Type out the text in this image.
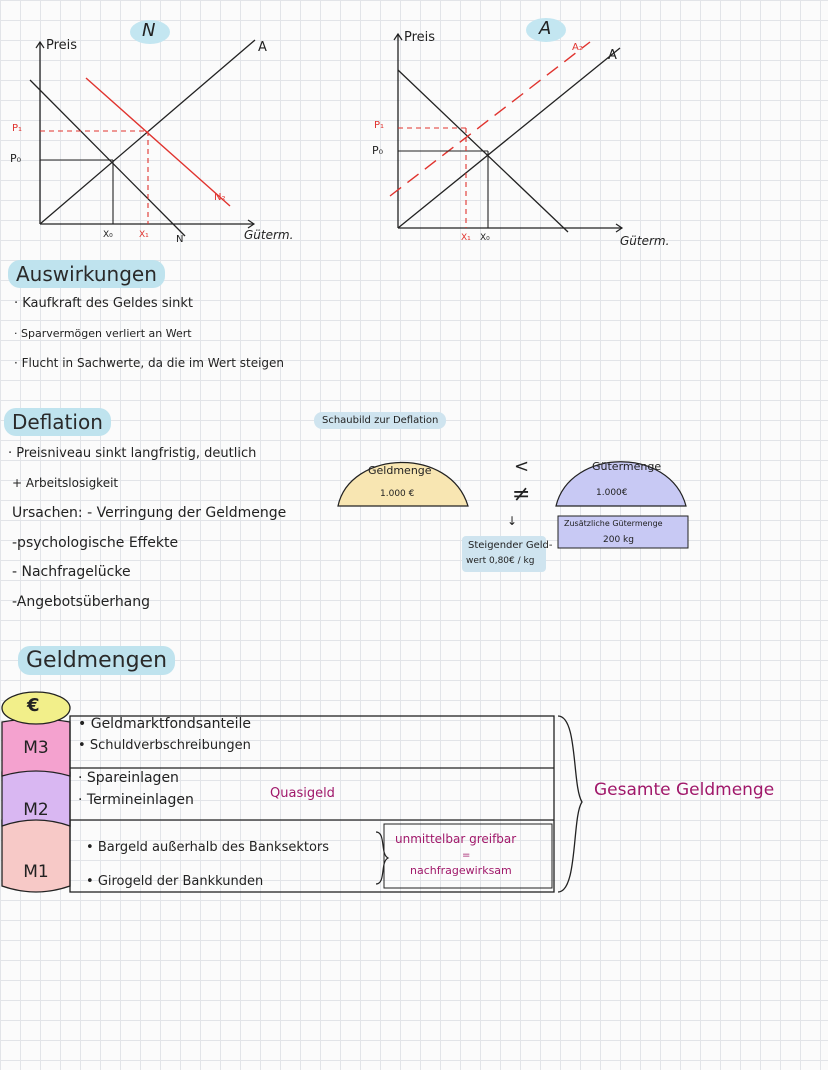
N
Preis	A
N
N₂
P₀
P₁
X₀	X₁	Güterm.
A
Preis
A
A₂
P₀
P₁
X₁ X₀	Güterm.
Auswirkungen
· Kaufkraft des Geldes sinkt
· Sparvermögen verliert an Wert
· Flucht in Sachwerte, da die im Wert steigen
Deflation
· Preisniveau sinkt langfristig, deutlich
+ Arbeitslosigkeit
Ursachen: - Verringung der Geldmenge
-psychologische Effekte
- Nachfragelücke
-Angebotsüberhang
Schaubild zur Deflation
Geldmenge
1.000 €
<
≠
↓
Gütermenge
1.000€
Zusätzliche Gütermenge
200 kg
Steigender Geld-
wert 0,80€ / kg
Geldmengen
€
M3
M2
M1
• Geldmarktfondsanteile
• Schuldverbschreibungen
· Spareinlagen
· Termineinlagen	Quasigeld
• Bargeld außerhalb des Banksektors
• Girogeld der Bankkunden
unmittelbar greifbar
=
nachfragewirksam
Gesamte Geldmenge
